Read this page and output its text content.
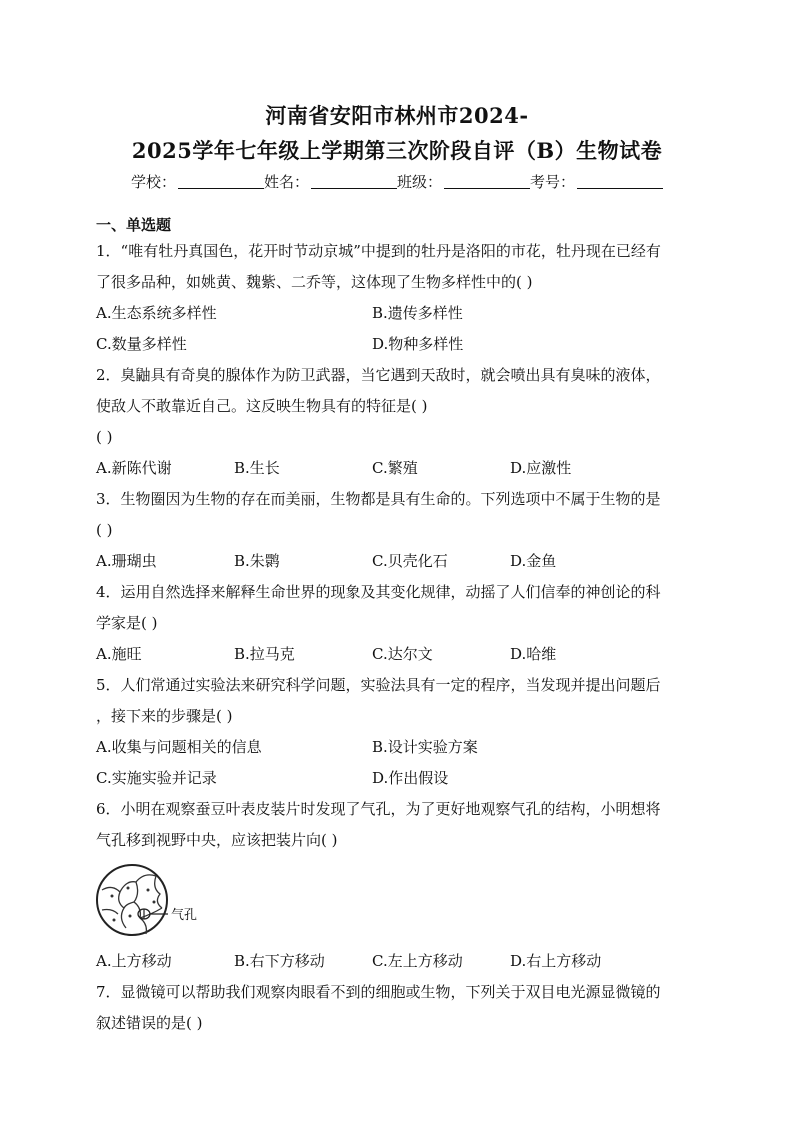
河南省安阳市林州市2024-
2025学年七年级上学期第三次阶段自评（B）生物试卷
学校：	姓名：	班级：	考号：
一、单选题
1．“唯有牡丹真国色，花开时节动京城”中提到的牡丹是洛阳的市花，牡丹现在已经有
了很多品种，如姚黄、魏紫、二乔等，这体现了生物多样性中的( )
A.生态系统多样性	B.遗传多样性
C.数量多样性	D.物种多样性
2．臭鼬具有奇臭的腺体作为防卫武器，当它遇到天敌时，就会喷出具有臭味的液体，
使敌人不敢靠近自己。这反映生物具有的特征是( )
( )
A.新陈代谢	B.生长	C.繁殖	D.应激性
3．生物圈因为生物的存在而美丽，生物都是具有生命的。下列选项中不属于生物的是
( )
A.珊瑚虫	B.朱鹮	C.贝壳化石	D.金鱼
4．运用自然选择来解释生命世界的现象及其变化规律，动摇了人们信奉的神创论的科
学家是( )
A.施旺	B.拉马克	C.达尔文	D.哈维
5．人们常通过实验法来研究科学问题，实验法具有一定的程序，当发现并提出问题后
，接下来的步骤是( )
A.收集与问题相关的信息	B.设计实验方案
C.实施实验并记录	D.作出假设
6．小明在观察蚕豆叶表皮装片时发现了气孔，为了更好地观察气孔的结构，小明想将
气孔移到视野中央，应该把装片向( )
气孔
A.上方移动	B.右下方移动	C.左上方移动	D.右上方移动
7．显微镜可以帮助我们观察肉眼看不到的细胞或生物，下列关于双目电光源显微镜的
叙述错误的是( )
